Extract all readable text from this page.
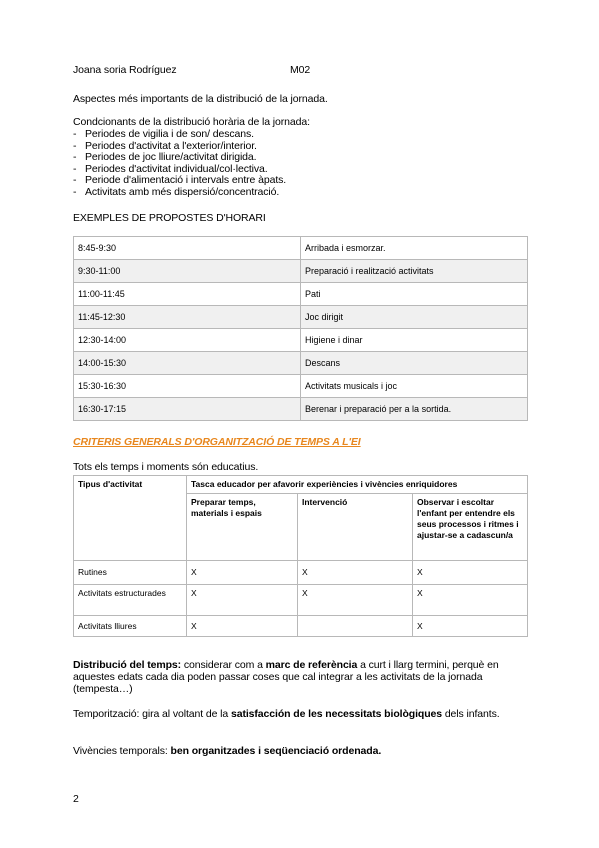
Joana soria Rodríguez	M02
Aspectes més importants de la distribució de la jornada.
Condcionants de la distribució horària de la jornada:
- Periodes de vigilia i de son/ descans.
- Periodes d'activitat a l'exterior/interior.
- Periodes de joc lliure/activitat dirigida.
- Periodes d'activitat individual/col·lectiva.
- Periode d'alimentació i intervals entre àpats.
- Activitats amb més dispersió/concentració.
EXEMPLES DE PROPOSTES D'HORARI
8:45-9:30	Arribada i esmorzar.
9:30-11:00	Preparació i realització activitats
11:00-11:45	Pati
11:45-12:30	Joc dirigit
12:30-14:00	Higiene i dinar
14:00-15:30	Descans
15:30-16:30	Activitats musicals i joc
16:30-17:15	Berenar i preparació per a la sortida.
CRITERIS GENERALS D'ORGANITZACIÓ DE TEMPS A L'EI
Tots els temps i moments són educatius.
Tipus d'activitat	Tasca educador per afavorir experiències i vivències enriquidores		
	Preparar temps, materials i espais	Intervenció	Observar i escoltar l'enfant per entendre els seus processos i ritmes i ajustar-se a cadascun/a
Rutines	X	X	X
Activitats estructurades	X	X	X
Activitats lliures	X		X
Distribució del temps: considerar com a marc de referència a curt i llarg termini, perquè en aquestes edats cada dia poden passar coses que cal integrar a les activitats de la jornada (tempesta…)
Temporització: gira al voltant de la satisfacción de les necessitats biològiques dels infants.
Vivències temporals: ben organitzades i seqüenciació ordenada.
2
